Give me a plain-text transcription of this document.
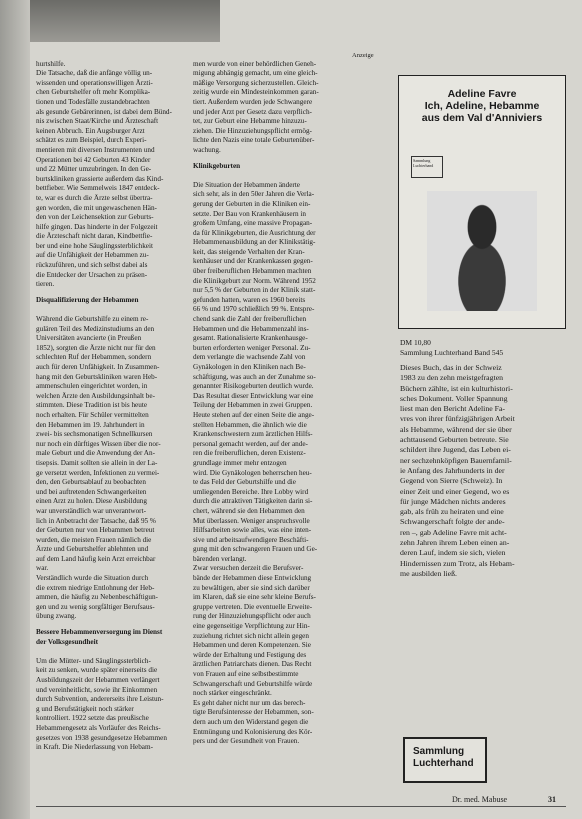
hurtshilfe.
Die Tatsache, daß die anfänge völlig un-
wissenden und operationswilligen Ärzti-
chen Geburtshelfer oft mehr Komplika-
tionen und Todesfälle zustandebrachten
als gesunde Gebärerinnen, ist dabei dem Bünd-
nis zwischen Staat/Kirche und Ärzteschaft
keinen Abbruch. Ein Augsburger Arzt
schätzt es zum Beispiel, durch Experi-
mentieren mit diversen Instrumenten und
Operationen bei 42 Geburten 43 Kinder
und 22 Mütter umzubringen. In den Ge-
burtskliniken grassierte außerdem das Kind-
bettfieber. Wie Semmelweis 1847 entdeck-
te, war es durch die Ärzte selbst übertra-
gen worden, die mit ungewaschenen Hän-
den von der Leichensektion zur Geburts-
hilfe gingen. Das hinderte in der Folgezeit
die Ärzteschaft nicht daran, Kindbettfie-
ber und eine hohe Säuglingssterblichkeit
auf die Unfähigkeit der Hebammen zu-
rückzuführen, und sich selbst dabei als
die Entdecker der Ursachen zu präsen-
tieren.

Disqualifizierung der Hebammen

Während die Geburtshilfe zu einem re-
gulären Teil des Medizinstudiums an den
Universitäten avancierte (in Preußen
1852), sorgten die Ärzte nicht nur für den
schlechten Ruf der Hebammen, sondern
auch für deren Unfähigkeit. In Zusammen-
hang mit den Geburtskliniken waren Heb-
ammenschulen eingerichtet worden, in
welchen Ärzte den Ausbildungsinhalt be-
stimmten. Diese Tradition ist bis heute
noch erhalten. Für Schüler vermittelten
den Hebammen im 19. Jahrhundert in
zwei- bis sechsmonatigen Schnellkursen
nur noch ein dürftiges Wissen über die nor-
male Geburt und die Anwendung der An-
tisepsis. Damit sollten sie allein in der La-
ge versetzt werden, Infektionen zu vermei-
den, den Geburtsablauf zu beobachten
und bei auftretenden Schwangerkeiten
einen Arzt zu holen. Diese Ausbildung
war unverständlich war unverantwort-
lich in Anbetracht der Tatsache, daß 95 %
der Geburten nur von Hebammen betreut
wurden, die meisten Frauen nämlich die
Ärzte und Geburtshelfer ablehnten und
auf dem Land häufig kein Arzt erreichbar
war.
Verständlich wurde die Situation durch
die extrem niedrige Entlohnung der Heb-
ammen, die häufig zu Nebenbeschäftigun-
gen und zu wenig sorgfältiger Berufsaus-
übung zwang.

Bessere Hebammenversorgung im Dienst
der Volksgesundheit

Um die Mütter- und Säuglingssterblich-
keit zu senken, wurde später einerseits die
Ausbildungszeit der Hebammen verlängert
und vereinheitlicht, sowie ihr Einkommen
durch Subvention, andererseits ihre Leistun-
g und Berufstätigkeit noch stärker
kontrolliert. 1922 setzte das preußische
Hebammengesetz als Vorläufer des Reichs-
gesetzes von 1938 gesundgesetze Hebammen
in Kraft. Die Niederlassung von Hebam-

men wurde von einer behördlichen Geneh-
migung abhängig gemacht, um eine gleich-
mäßige Versorgung sicherzustellen. Gleich-
zeitig wurde ein Mindesteinkommen garan-
tiert. Außerdem wurden jede Schwangere
und jeder Arzt per Gesetz dazu verpflich-
tet, zur Geburt eine Hebamme hinzuzu-
ziehen. Die Hinzuziehungspflicht ermög-
lichte den Nazis eine totale Geburtenüber-
wachung.

Klinikgeburten

Die Situation der Hebammen änderte
sich sehr, als in den 50er Jahren die Verla-
gerung der Geburten in die Kliniken ein-
setzte. Der Bau von Krankenhäusern in
großem Umfang, eine massive Propagan-
da für Klinikgeburten, die Ausrichtung der
Hebammenausbildung an der Klinikstätig-
keit, das steigende Verhalten der Kran-
kenhäuser und der Krankenkassen gegen-
über freiberuflichen Hebammen machten
die Klinikgeburt zur Norm. Während 1952
nur 5,5 % der Geburten in der Klinik statt-
gefunden hatten, waren es 1960 bereits
66 % und 1970 schließlich 99 %. Entspre-
chend sank die Zahl der freiberuflichen
Hebammen und die Hebammenzahl ins-
gesamt. Rationalisierte Krankenhausge-
burten erforderten weniger Personal. Zu-
dem verlangte die wachsende Zahl von
Gynäkologen in den Kliniken nach Be-
schäftigung, was auch an der Zunahme so-
genannter Risikogeburten deutlich wurde.
Das Resultat dieser Entwicklung war eine
Teilung der Hebammen in zwei Gruppen.
Heute stehen auf der einen Seite die ange-
stellten Hebammen, die ähnlich wie die
Krankenschwestern zum ärztlichen Hilfs-
personal gemacht werden, auf der ande-
ren die freiberuflichen, deren Existenz-
grundlage immer mehr entzogen
wird. Die Gynäkologen beherrschen heu-
te das Feld der Geburtshilfe und die
umliegenden Bereiche. Ihre Lobby wird
durch die attraktiven Tätigkeiten darin si-
chert, während sie den Hebammen den
Mut überlassen. Weniger anspruchsvolle
Hilfsarbeiten sowie alles, was eine inten-
sive und arbeitsaufwendigere Beschäfti-
gung mit den schwangeren Frauen und Ge-
bärenden verlangt.
Zwar versuchen derzeit die Berufsver-
bände der Hebammen diese Entwicklung
zu bewältigen, aber sie sind sich darüber
im Klaren, daß sie eine sehr kleine Berufs-
gruppe vertreten. Die eventuelle Erweite-
rung der Hinzuziehungspflicht oder auch
eine gegenseitige Verpflichtung zur Hin-
zuziehung richtet sich nicht allein gegen
Hebammen und deren Kompetenzen. Sie
würde der Erhaltung und Festigung des
ärztlichen Patriarchats dienen. Das Recht
von Frauen auf eine selbstbestimmte
Schwangerschaft und Geburtshilfe würde
noch stärker eingeschränkt.
Es geht daher nicht nur um das berech-
tigte Berufsinteresse der Hebammen, son-
dern auch um den Widerstand gegen die
Entmüngung und Kolonisierung des Kör-
pers und der Gesundheit von Frauen.

Anzeige
Adeline Favre
Ich, Adeline, Hebamme
aus dem Val d'Anniviers
Sammlung
Luchterhand
DM 10,80
Sammlung Luchterhand Band 545
Dieses Buch, das in der Schweiz
1983 zu den zehn meistgefragten
Büchern zählte, ist ein kulturhistori-
sches Dokument. Voller Spannung
liest man den Bericht Adeline Fa-
vres von ihrer fünfzigjährigen Arbeit
als Hebamme, während der sie über
achttausend Geburten betreute. Sie
schildert ihre Jugend, das Leben ei-
ner sechzehnköpfigen Bauernfamil-
ie Anfang des Jahrhunderts in der
Gegend von Sierre (Schweiz). In
einer Zeit und einer Gegend, wo es
für junge Mädchen nichts anderes
gab, als früh zu heiraten und eine
Schwangerschaft folgte der ande-
ren –, gab Adeline Favre mit acht-
zehn Jahren ihrem Leben einen an-
deren Lauf, indem sie sich, vielen
Hindernissen zum Trotz, als Hebam-
me ausbilden ließ.
Sammlung
Luchterhand
Dr. med. Mabuse	31
